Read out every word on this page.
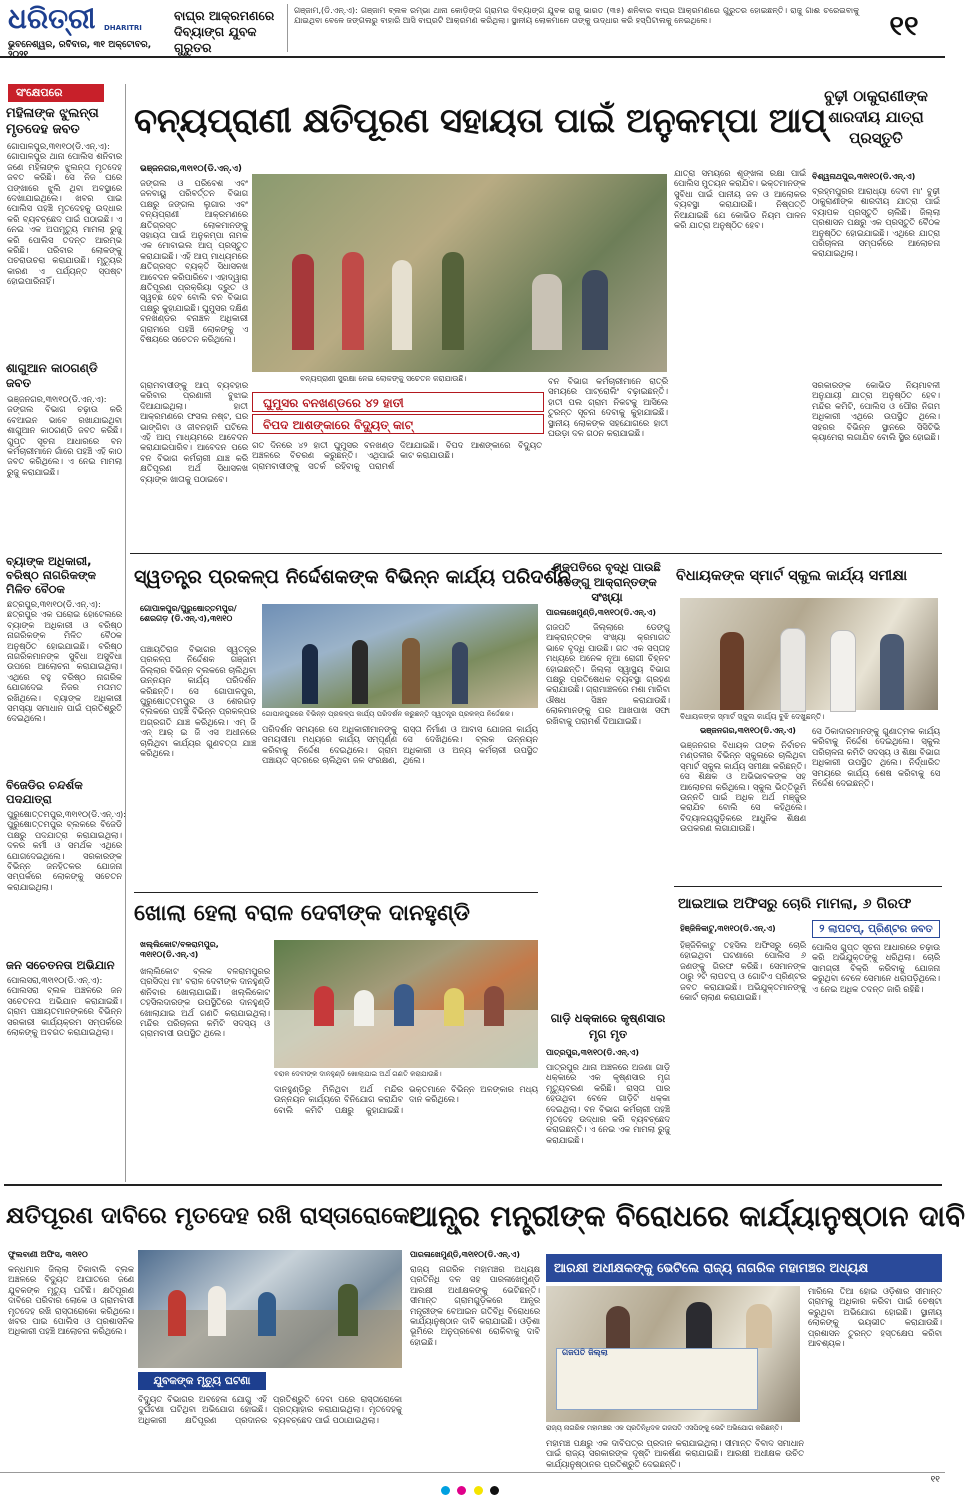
ଧରିତ୍ରୀ DHARITRI
ଭୁବନେଶ୍ୱର, ରବିବାର, ୩୧ ଅକ୍ଟୋବର, ୨୦୨୧
ବାଘ୍ର ଆକ୍ରମଣରେ ଦିବ୍ୟାଙ୍ଗ ଯୁବକ ଗୁରୁତର
ଗଞ୍ଜାମ,(ଡି.ଏନ୍.ଏ): ଗଞ୍ଜାମ ବ୍ଲକ ରମ୍ଭା ଥାନା କୋଡ଼ିଙ୍ଗ ଗ୍ରାମର ଦିବ୍ୟାଙ୍ଗ ଯୁବକ ରାଜୁ ଭାରତ (୩୫) ଶନିବାର ବାଘ୍ର ଆକ୍ରମଣରେ ଗୁରୁତର ହୋଇଛନ୍ତି। ରାଜୁ ଗାଈ ଚରେଇବାକୁ ଯାଇଥିବା ବେଳେ ଜଙ୍ଗଲରୁ ବାହାରି ଆସି ବାଘ୍ରଟି ଆକ୍ରମଣ କରିଥିଲା। ସ୍ଥାନୀୟ ଲୋକମାନେ ତାଙ୍କୁ ଉଦ୍ଧାର କରି ହସ୍ପିଟାଲକୁ ନେଇଥିଲେ।	୧୧
ସଂକ୍ଷେପରେ
ମହିଳାଙ୍କ ଝୁଲନ୍ତା ମୃତଦେହ ଜବତ
ଗୋପାଳପୁର,୩୧ା୧୦(ଡି.ଏନ୍.ଏ): ଗୋପାଳପୁର ଥାନା ପୋଲିସ ଶନିବାର ଜଣେ ମହିଳାଙ୍କ ଝୁଲନ୍ତା ମୃତଦେହ ଜବତ କରିଛି। ସେ ନିଜ ଘରେ ପଙ୍ଖାରେ ଝୁଲି ଥିବା ଅବସ୍ଥାରେ ଦେଖାଯାଇଥିଲେ। ଖବର ପାଇ ପୋଲିସ ପହଞ୍ଚି ମୃତଦେହକୁ ଉଦ୍ଧାର କରି ବ୍ୟବଚ୍ଛେଦ ପାଇଁ ପଠାଇଛି। ଏ ନେଇ ଏକ ଅପମୃତ୍ୟୁ ମାମଲା ରୁଜୁ କରି ପୋଲିସ ତଦନ୍ତ ଆରମ୍ଭ କରିଛି। ପରିବାର ଲୋକଙ୍କୁ ପଚରାଉଚରା କରାଯାଉଛି। ମୃତ୍ୟୁର କାରଣ ଏ ପର୍ଯ୍ୟନ୍ତ ସ୍ପଷ୍ଟ ହୋଇପାରିନାହିଁ।
ଶାଗୁଆନ କାଠଗଣ୍ଡି ଜବତ
ଭଞ୍ଜନଗର,୩୧ା୧୦(ଡି.ଏନ୍.ଏ): ଜଙ୍ଗଲ ବିଭାଗ ଚଢ଼ାଉ କରି ବେଆଇନ ଭାବେ ରଖାଯାଇଥିବା ଶାଗୁଆନ କାଠଗଣ୍ଡି ଜବତ କରିଛି। ଗୁପ୍ତ ସୂଚନା ଆଧାରରେ ବନ କର୍ମଚାରୀମାନେ ଗାଁରେ ପହଞ୍ଚି ଏହି କାଠ ଜବତ କରିଥିଲେ। ଏ ନେଇ ମାମଲା ରୁଜୁ କରାଯାଇଛି।
ବ୍ୟାଙ୍କ ଅଧିକାରୀ, ବରିଷ୍ଠ ନାଗରିକଙ୍କ ମିଳିତ ବୈଠକ
ଛତ୍ରପୁର,୩୧ା୧୦(ଡି.ଏନ୍.ଏ): ଛତ୍ରପୁର ଏକ ଘରୋଇ ହୋଟେଲରେ ବ୍ୟାଙ୍କ ଅଧିକାରୀ ଓ ବରିଷ୍ଠ ନାଗରିକଙ୍କ ମିଳିତ ବୈଠକ ଅନୁଷ୍ଠିତ ହୋଇଯାଇଛି। ବରିଷ୍ଠ ନାଗରିକମାନଙ୍କ ସୁବିଧା ଅସୁବିଧା ଉପରେ ଆଲୋଚନା କରାଯାଇଥିଲା। ଏଥିରେ ବହୁ ବରିଷ୍ଠ ନାଗରିକ ଯୋଗଦେଇ ନିଜର ମତାମତ ରଖିଥିଲେ। ବ୍ୟାଙ୍କ ଅଧିକାରୀ ସମସ୍ୟା ସମାଧାନ ପାଇଁ ପ୍ରତିଶ୍ରୁତି ଦେଇଥିଲେ।
ବିଜେଡିର ଚନ୍ଦର୍ଶକ ପଦଯାତ୍ରା
ପୁରୁଷୋତ୍ତମପୁର,୩୧ା୧୦(ଡି.ଏନ୍.ଏ): ପୁରୁଷୋତ୍ତମପୁର ବ୍ଲକରେ ବିଜେଡି ପକ୍ଷରୁ ପଦଯାତ୍ରା କରାଯାଇଥିଲା। ଦଳର କର୍ମୀ ଓ ସମର୍ଥକ ଏଥିରେ ଯୋଗଦେଇଥିଲେ। ସରକାରଙ୍କ ବିଭିନ୍ନ ଜନହିତକର ଯୋଜନା ସମ୍ପର୍କରେ ଲୋକଙ୍କୁ ସଚେତନ କରାଯାଇଥିଲା।
ଜନ ସଚେତନତା ଅଭିଯାନ
ପୋଲସରା,୩୧ା୧୦(ଡି.ଏନ୍.ଏ): ପୋଲସରା ବ୍ଲକ ଅଞ୍ଚଳରେ ଜନ ସଚେତନତା ଅଭିଯାନ କରାଯାଇଛି। ଗ୍ରାମ ପଞ୍ଚାୟତମାନଙ୍କରେ ବିଭିନ୍ନ ସରକାରୀ କାର୍ଯ୍ୟକ୍ରମ ସମ୍ପର୍କରେ ଲୋକଙ୍କୁ ଅବଗତ କରାଯାଇଥିଲା।
ବନ୍ୟପ୍ରାଣୀ କ୍ଷତିପୂରଣ ସହାୟତା ପାଇଁ ଅନୁକମ୍ପା ଆପ୍
ଭଞ୍ଜନଗର,୩୧ା୧୦(ଡି.ଏନ୍.ଏ)
ଜଙ୍ଗଲ ଓ ପରିବେଶ ଏବଂ ଜଳବାୟୁ ପରିବର୍ତ୍ତନ ବିଭାଗ ପକ୍ଷରୁ ଜଙ୍ଗଲ ଲୁଗାର ଏବଂ ବନ୍ୟପ୍ରାଣୀ ଆକ୍ରମଣରେ କ୍ଷତିଗ୍ରସ୍ତ ଲୋକମାନଙ୍କୁ ସହାୟତା ପାଇଁ ଅନୁକମ୍ପା ନାମକ ଏକ ମୋବାଇଲ ଆପ୍ ପ୍ରସ୍ତୁତ କରାଯାଇଛି। ଏହି ଆପ୍ ମାଧ୍ୟମରେ କ୍ଷତିଗ୍ରସ୍ତ ବ୍ୟକ୍ତି ସିଧାସଳଖ ଆବେଦନ କରିପାରିବେ। ଏହାଦ୍ୱାରା କ୍ଷତିପୂରଣ ପ୍ରକ୍ରିୟା ଦ୍ରୁତ ଓ ସ୍ୱଚ୍ଛ ହେବ ବୋଲି ବନ ବିଭାଗ ପକ୍ଷରୁ କୁହାଯାଇଛି। ଘୁମୁସର ଦକ୍ଷିଣ ବନଖଣ୍ଡର ବନାଞ୍ଚଳ ଅଧିକାରୀ ଗ୍ରାମରେ ପହଞ୍ଚି ଲୋକଙ୍କୁ ଏ ବିଷୟରେ ସଚେତନ କରିଥିଲେ।
ବନ୍ୟପ୍ରାଣୀ ସୁରକ୍ଷା ନେଇ ଲୋକଙ୍କୁ ସଚେତନ କରାଯାଉଛି।
ଗ୍ରାମବାସୀଙ୍କୁ ଆପ୍ ବ୍ୟବହାର କରିବାର ପ୍ରଣାଳୀ ବୁଝାଇ ଦିଆଯାଇଥିଲା। ହାତୀ ଆକ୍ରମଣରେ ଫସଲ ନଷ୍ଟ, ଘର ଭାଙ୍ଗିବା ଓ ଜୀବନହାନି ଘଟିଲେ ଏହି ଆପ୍ ମାଧ୍ୟମରେ ଆବେଦନ କରାଯାଇପାରିବ। ଆବେଦନ ପରେ ବନ ବିଭାଗ କର୍ମଚାରୀ ଯାଞ୍ଚ କରି କ୍ଷତିପୂରଣ ଅର୍ଥ ସିଧାସଳଖ ବ୍ୟାଙ୍କ ଖାତାକୁ ପଠାଇବେ।
ଘୁମୁସର ବନଖଣ୍ଡରେ ୪୨ ହାତୀ
ବିପଦ ଆଶଙ୍କାରେ ବିଦ୍ୟୁତ୍ କାଟ୍
ଗତ ଦିନରେ ୪୨ ହାତୀ ଘୁମୁସର ବନଖଣ୍ଡ ଅଞ୍ଚଳରେ ବିଚରଣ କରୁଛନ୍ତି। ଏଥିପାଇଁ ଗ୍ରାମବାସୀଙ୍କୁ ସତର୍କ ରହିବାକୁ ପରାମର୍ଶ ଦିଆଯାଇଛି। ବିପଦ ଆଶଙ୍କାରେ ବିଦ୍ୟୁତ କାଟ କରାଯାଉଛି।
ବନ ବିଭାଗ କର୍ମଚାରୀମାନେ ରାତ୍ରି ସମୟରେ ପାଟ୍ରୋଲିଂ ବଢ଼ାଇଛନ୍ତି। ହାତୀ ପଲ ଗ୍ରାମ ନିକଟକୁ ଆସିଲେ ତୁରନ୍ତ ସୂଚନା ଦେବାକୁ କୁହାଯାଇଛି। ସ୍ଥାନୀୟ ଲୋକଙ୍କ ସହଯୋଗରେ ହାତୀ ଘଉଡ଼ା ଦଳ ଗଠନ କରାଯାଇଛି।
ବୁଢ଼ୀ ଠାକୁରାଣୀଙ୍କ ଶାରଦୀୟ ଯାତ୍ରା ପ୍ରସ୍ତୁତି
ଯାତ୍ରା ସମୟରେ ଶୃଙ୍ଖଳା ରକ୍ଷା ପାଇଁ ପୋଲିସ ମୁତୟନ କରାଯିବ। ଭକ୍ତମାନଙ୍କ ସୁବିଧା ପାଇଁ ପାନୀୟ ଜଳ ଓ ଆଲୋକର ବ୍ୟବସ୍ଥା କରାଯାଉଛି। ନିଷ୍ପତ୍ତି ନିଆଯାଇଛି ଯେ କୋଭିଡ ନିୟମ ପାଳନ କରି ଯାତ୍ରା ଅନୁଷ୍ଠିତ ହେବ।
ବିଶ୍ୱନାଥପୁର,୩୧ା୧୦(ଡି.ଏନ୍.ଏ)
ବ୍ରହ୍ମପୁରର ଆରାଧ୍ୟା ଦେବୀ ମା' ବୁଢ଼ୀ ଠାକୁରାଣୀଙ୍କ ଶାରଦୀୟ ଯାତ୍ରା ପାଇଁ ବ୍ୟାପକ ପ୍ରସ୍ତୁତି ଚାଲିଛି। ଜିଲ୍ଲା ପ୍ରଶାସନ ପକ୍ଷରୁ ଏକ ପ୍ରସ୍ତୁତି ବୈଠକ ଅନୁଷ୍ଠିତ ହୋଇଯାଇଛି। ଏଥିରେ ଯାତ୍ରା ପରିଚାଳନା ସମ୍ପର୍କରେ ଆଲୋଚନା କରାଯାଇଥିଲା।
ସରକାରଙ୍କ କୋଭିଡ ନିୟମାବଳୀ ଅନୁଯାୟୀ ଯାତ୍ରା ଅନୁଷ୍ଠିତ ହେବ। ମନ୍ଦିର କମିଟି, ପୋଲିସ ଓ ପୌର ନିଗମ ଅଧିକାରୀ ଏଥିରେ ଉପସ୍ଥିତ ଥିଲେ। ସହରର ବିଭିନ୍ନ ସ୍ଥାନରେ ସିସିଟିଭି କ୍ୟାମେରା ଲଗାଯିବ ବୋଲି ସ୍ଥିର ହୋଇଛି।
ସ୍ୱତନ୍ତ୍ର ପ୍ରକଳ୍ପ ନିର୍ଦ୍ଦେଶକଙ୍କ ବିଭିନ୍ନ କାର୍ଯ୍ୟ ପରିଦର୍ଶନ
ଗୋପାଳପୁର/ପୁରୁଷୋତ୍ତମପୁର/ ଶେରଗଡ଼ (ଡି.ଏନ୍.ଏ),୩୧ା୧୦
ପଞ୍ଚାୟତିରାଜ ବିଭାଗର ସ୍ୱତନ୍ତ୍ର ପ୍ରକଳ୍ପ ନିର୍ଦ୍ଦେଶକ ଗଞ୍ଜାମ ଜିଲ୍ଲାର ବିଭିନ୍ନ ବ୍ଲକରେ ଚାଲିଥିବା ଉନ୍ନୟନ କାର୍ଯ୍ୟ ପରିଦର୍ଶନ କରିଛନ୍ତି। ସେ ଗୋପାଳପୁର, ପୁରୁଷୋତ୍ତମପୁର ଓ ଶେରଗଡ଼ ବ୍ଲକରେ ପହଞ୍ଚି ବିଭିନ୍ନ ପ୍ରକଳ୍ପର ଅଗ୍ରଗତି ଯାଞ୍ଚ କରିଥିଲେ। ଏମ୍ ଜି ଏନ୍ ଆର୍ ଇ ଜି ଏସ ଅଧୀନରେ ଚାଲିଥିବା କାର୍ଯ୍ୟର ଗୁଣବତ୍ତା ଯାଞ୍ଚ କରିଥିଲେ।
ଗୋପାଳପୁରରେ ବିଭିନ୍ନ ପ୍ରକଳ୍ପ କାର୍ଯ୍ୟ ପରିଦର୍ଶନ କରୁଛନ୍ତି ସ୍ୱତନ୍ତ୍ର ପ୍ରକଳ୍ପ ନିର୍ଦ୍ଦେଶକ।
ପରିଦର୍ଶନ ସମୟରେ ସେ ଅଧିକାରୀମାନଙ୍କୁ ସମୟସୀମା ମଧ୍ୟରେ କାର୍ଯ୍ୟ ସମ୍ପୂର୍ଣ୍ଣ କରିବାକୁ ନିର୍ଦ୍ଦେଶ ଦେଇଥିଲେ। ଗ୍ରାମ ପଞ୍ଚାୟତ ସ୍ତରରେ ଚାଲିଥିବା ଜଳ ସଂରକ୍ଷଣ, ରାସ୍ତା ନିର୍ମାଣ ଓ ଆବାସ ଯୋଜନା କାର୍ଯ୍ୟ ସେ ଦେଖିଥିଲେ। ବ୍ଲକ ଉନ୍ନୟନ ଅଧିକାରୀ ଓ ଅନ୍ୟ କର୍ମଚାରୀ ଉପସ୍ଥିତ ଥିଲେ।
ଗଜପତିରେ ବୃଦ୍ଧି ପାଉଛି ଡେଙ୍ଗୁ ଆକ୍ରାନ୍ତଙ୍କ ସଂଖ୍ୟା
ପାରଳାଖେମୁଣ୍ଡି,୩୧ା୧୦(ଡି.ଏନ୍.ଏ)
ଗଜପତି ଜିଲ୍ଲାରେ ଡେଙ୍ଗୁ ଆକ୍ରାନ୍ତଙ୍କ ସଂଖ୍ୟା କ୍ରମାଗତ ଭାବେ ବୃଦ୍ଧି ପାଉଛି। ଗତ ଏକ ସପ୍ତାହ ମଧ୍ୟରେ ଅନେକ ନୂଆ ରୋଗୀ ଚିହ୍ନଟ ହୋଇଛନ୍ତି। ଜିଲ୍ଲା ସ୍ୱାସ୍ଥ୍ୟ ବିଭାଗ ପକ୍ଷରୁ ପ୍ରତିଷେଧକ ବ୍ୟବସ୍ଥା ଗ୍ରହଣ କରାଯାଉଛି। ଗ୍ରାମାଞ୍ଚଳରେ ମଶା ମାରିବା ଔଷଧ ସିଞ୍ଚନ କରାଯାଉଛି। ଲୋକମାନଙ୍କୁ ଘର ଆଖପାଖ ସଫା ରଖିବାକୁ ପରାମର୍ଶ ଦିଆଯାଇଛି।
ବିଧାୟକଙ୍କ ସ୍ମାର୍ଟ ସ୍କୁଲ କାର୍ଯ୍ୟ ସମୀକ୍ଷା
ବିଧାୟକଙ୍କ ସ୍ମାର୍ଟ ସ୍କୁଲ କାର୍ଯ୍ୟ ବୁଝି ଦେଖୁଛନ୍ତି।
ଭଞ୍ଜନଗର,୩୧ା୧୦(ଡି.ଏନ୍.ଏ)
ଭଞ୍ଜନଗର ବିଧାୟକ ତାଙ୍କ ନିର୍ବାଚନ ମଣ୍ଡଳୀର ବିଭିନ୍ନ ସ୍କୁଲରେ ଚାଲିଥିବା ସ୍ମାର୍ଟ ସ୍କୁଲ କାର୍ଯ୍ୟ ସମୀକ୍ଷା କରିଛନ୍ତି। ସେ ଶିକ୍ଷକ ଓ ଅଭିଭାବକଙ୍କ ସହ ଆଲୋଚନା କରିଥିଲେ। ସ୍କୁଲ ଭିତ୍ତିଭୂମି ଉନ୍ନତି ପାଇଁ ଅଧିକ ଅର୍ଥ ମଞ୍ଜୁର କରାଯିବ ବୋଲି ସେ କହିଥିଲେ। ବିଦ୍ୟାଳୟଗୁଡ଼ିକରେ ଆଧୁନିକ ଶିକ୍ଷଣ ଉପକରଣ ଲଗାଯାଉଛି।
ସେ ଠିକାଦାରମାନଙ୍କୁ ଗୁଣାତ୍ମକ କାର୍ଯ୍ୟ କରିବାକୁ ନିର୍ଦ୍ଦେଶ ଦେଇଥିଲେ। ସ୍କୁଲ ପରିଚାଳନା କମିଟି ସଦସ୍ୟ ଓ ଶିକ୍ଷା ବିଭାଗ ଅଧିକାରୀ ଉପସ୍ଥିତ ଥିଲେ। ନିର୍ଦ୍ଧାରିତ ସମୟରେ କାର୍ଯ୍ୟ ଶେଷ କରିବାକୁ ସେ ନିର୍ଦ୍ଦେଶ ଦେଇଛନ୍ତି।
ଖୋଲା ହେଲା ବରାଳ ଦେବୀଙ୍କ ଦାନହୁଣ୍ଡି
ଖଲ୍ଲିକୋଟ/ବଳରାମପୁର, ୩୧ା୧୦(ଡି.ଏନ୍.ଏ)
ଖଲ୍ଲିକୋଟ ବ୍ଲକ ବଳରାମପୁରର ପ୍ରସିଦ୍ଧ ମା' ବରାଳ ଦେବୀଙ୍କ ଦାନହୁଣ୍ଡି ଶନିବାର ଖୋଲାଯାଇଛି। ଖଲ୍ଲିକୋଟ ତହସିଲଦାରଙ୍କ ଉପସ୍ଥିତିରେ ଦାନହୁଣ୍ଡି ଖୋଲାଯାଇ ଅର୍ଥ ଗଣତି କରାଯାଇଥିଲା। ମନ୍ଦିର ପରିଚାଳନା କମିଟି ସଦସ୍ୟ ଓ ଗ୍ରାମବାସୀ ଉପସ୍ଥିତ ଥିଲେ।
ବରାଳ ଦେବୀଙ୍କ ଦାନହୁଣ୍ଡି ଖୋଲାଯାଇ ଅର୍ଥ ଗଣତି କରାଯାଉଛି।
ଦାନହୁଣ୍ଡିରୁ ମିଳିଥିବା ଅର୍ଥ ମନ୍ଦିର ଉନ୍ନୟନ କାର୍ଯ୍ୟରେ ବିନିଯୋଗ କରାଯିବ ବୋଲି କମିଟି ପକ୍ଷରୁ କୁହାଯାଇଛି। ଭକ୍ତମାନେ ବିଭିନ୍ନ ଅଳଙ୍କାର ମଧ୍ୟ ଦାନ କରିଥିଲେ।
ଗାଡ଼ି ଧକ୍କାରେ କୃଷ୍ଣସାର ମୃଗ ମୃତ
ପାତ୍ରପୁର,୩୧ା୧୦(ଡି.ଏନ୍.ଏ)
ପାତ୍ରପୁର ଥାନା ଅଞ୍ଚଳରେ ଅଜଣା ଗାଡ଼ି ଧକ୍କାରେ ଏକ କୃଷ୍ଣସାର ମୃଗ ମୃତ୍ୟୁବରଣ କରିଛି। ରାସ୍ତା ପାର ହେଉଥିବା ବେଳେ ଗାଡ଼ିଟି ଧକ୍କା ଦେଇଥିଲା। ବନ ବିଭାଗ କର୍ମଚାରୀ ପହଞ୍ଚି ମୃତଦେହ ଉଦ୍ଧାର କରି ବ୍ୟବଚ୍ଛେଦ କରାଇଛନ୍ତି। ଏ ନେଇ ଏକ ମାମଲା ରୁଜୁ କରାଯାଇଛି।
ଆଇଆଇ ଅଫିସରୁ ଚୋରି ମାମଲା, ୬ ଗିରଫ
ହିଞ୍ଜିଳିକାଟୁ,୩୧ା୧୦(ଡି.ଏନ୍.ଏ)	୨ ଲାପଟପ୍, ପ୍ରିଣ୍ଟର ଜବତ
ହିଞ୍ଜିଳିକାଟୁ ତହସିଲ ଅଫିସରୁ ଚୋରି ହୋଇଥିବା ଘଟଣାରେ ପୋଲିସ ୬ ଜଣଙ୍କୁ ଗିରଫ କରିଛି। ସେମାନଙ୍କ ଠାରୁ ୨ଟି ଲାପଟପ୍ ଓ ଗୋଟିଏ ପ୍ରିଣ୍ଟର ଜବତ କରାଯାଇଛି। ଅଭିଯୁକ୍ତମାନଙ୍କୁ କୋର୍ଟ ଚାଲାଣ କରାଯାଇଛି।
ପୋଲିସ ଗୁପ୍ତ ସୂଚନା ଆଧାରରେ ଚଢ଼ାଉ କରି ଅଭିଯୁକ୍ତଙ୍କୁ ଧରିଥିଲା। ଚୋରି ସାମଗ୍ରୀ ବିକ୍ରି କରିବାକୁ ଯୋଜନା କରୁଥିବା ବେଳେ ସେମାନେ ଧରାପଡ଼ିଥିଲେ। ଏ ନେଇ ଅଧିକ ତଦନ୍ତ ଜାରି ରହିଛି।
କ୍ଷତିପୂରଣ ଦାବିରେ ମୃତଦେହ ରଖି ରାସ୍ତାରୋକୋ
ଆନ୍ଧ୍ର ମନ୍ତ୍ରୀଙ୍କ ବିରୋଧରେ କାର୍ଯ୍ୟାନୁଷ୍ଠାନ ଦାବି
ଫୁଲବାଣୀ ଅଫିସ, ୩୧ା୧୦
କନ୍ଧମାଳ ଜିଲ୍ଲା ଟିକାବାଲି ବ୍ଲକ ଅଞ୍ଚଳରେ ବିଦ୍ୟୁତ ଆଘାତରେ ଜଣେ ଯୁବକଙ୍କ ମୃତ୍ୟୁ ଘଟିଛି। କ୍ଷତିପୂରଣ ଦାବିରେ ପରିବାର ଲୋକେ ଓ ଗ୍ରାମବାସୀ ମୃତଦେହ ରଖି ରାସ୍ତାରୋକୋ କରିଥିଲେ। ଖବର ପାଇ ପୋଲିସ ଓ ପ୍ରଶାସନିକ ଅଧିକାରୀ ପହଞ୍ଚି ଆଲୋଚନା କରିଥିଲେ।
ଯୁବକଙ୍କ ମୃତ୍ୟୁ ଘଟଣା
ବିଦ୍ୟୁତ ବିଭାଗର ଅବହେଳା ଯୋଗୁ ଏହି ଦୁର୍ଘଟଣା ଘଟିଥିବା ଅଭିଯୋଗ ହୋଇଛି। ଅଧିକାରୀ କ୍ଷତିପୂରଣ ପ୍ରଦାନର ପ୍ରତିଶ୍ରୁତି ଦେବା ପରେ ରାସ୍ତାରୋକୋ ପ୍ରତ୍ୟାହାର କରାଯାଇଥିଲା। ମୃତଦେହକୁ ବ୍ୟବଚ୍ଛେଦ ପାଇଁ ପଠାଯାଇଥିଲା।
ପାରଳାଖେମୁଣ୍ଡି,୩୧ା୧୦(ଡି.ଏନ୍.ଏ)
ରାଜ୍ୟ ନାଗରିକ ମହାମଞ୍ଚର ଅଧ୍ୟକ୍ଷ ପ୍ରତିନିଧି ଦଳ ସହ ପାରଳାଖେମୁଣ୍ଡି ଆରକ୍ଷୀ ଅଧୀକ୍ଷକଙ୍କୁ ଭେଟିଛନ୍ତି। ସୀମାନ୍ତ ଗ୍ରାମଗୁଡ଼ିକରେ ଆନ୍ଧ୍ର ମନ୍ତ୍ରୀଙ୍କ ବେଆଇନ ଗତିବିଧି ବିରୋଧରେ କାର୍ଯ୍ୟାନୁଷ୍ଠାନ ଦାବି କରାଯାଇଛି। ଓଡ଼ିଶା ଭୂମିରେ ଅନୁପ୍ରବେଶ ରୋକିବାକୁ ଦାବି ହୋଇଛି।
ଆରକ୍ଷୀ ଅଧୀକ୍ଷକଙ୍କୁ ଭେଟିଲେ ରାଜ୍ୟ ନାଗରିକ ମହାମଞ୍ଚର ଅଧ୍ୟକ୍ଷ
ଗଜପତି ଜିଲ୍ଲା
ରାଜ୍ୟ ନାଗରିକ ମହାମଞ୍ଚର ଏକ ପ୍ରତିନିଧିଦଳ ଗଜପତି ଏସପିଙ୍କୁ ଭେଟି ଅଭିଯୋଗ କରିଛନ୍ତି।
ମହାମଞ୍ଚ ପକ୍ଷରୁ ଏକ ଦାବିପତ୍ର ପ୍ରଦାନ କରାଯାଇଥିଲା। ସୀମାନ୍ତ ବିବାଦ ସମାଧାନ ପାଇଁ ରାଜ୍ୟ ସରକାରଙ୍କ ଦୃଷ୍ଟି ଆକର୍ଷଣ କରାଯାଇଛି। ଆରକ୍ଷୀ ଅଧୀକ୍ଷକ ଉଚିତ କାର୍ଯ୍ୟାନୁଷ୍ଠାନର ପ୍ରତିଶ୍ରୁତି ଦେଇଛନ୍ତି।
ମାରିଲେ ତିଆ ହୋଇ ଓଡ଼ିଶାର ସୀମାନ୍ତ ଗ୍ରାମକୁ ଅଧିକାର କରିବା ପାଇଁ ଚେଷ୍ଟା କରୁଥିବା ଅଭିଯୋଗ ହୋଇଛି। ସ୍ଥାନୀୟ ଲୋକଙ୍କୁ ଭୟଭୀତ କରାଯାଉଛି। ପ୍ରଶାସନ ତୁରନ୍ତ ହସ୍ତକ୍ଷେପ କରିବା ଆବଶ୍ୟକ।

୧୧
